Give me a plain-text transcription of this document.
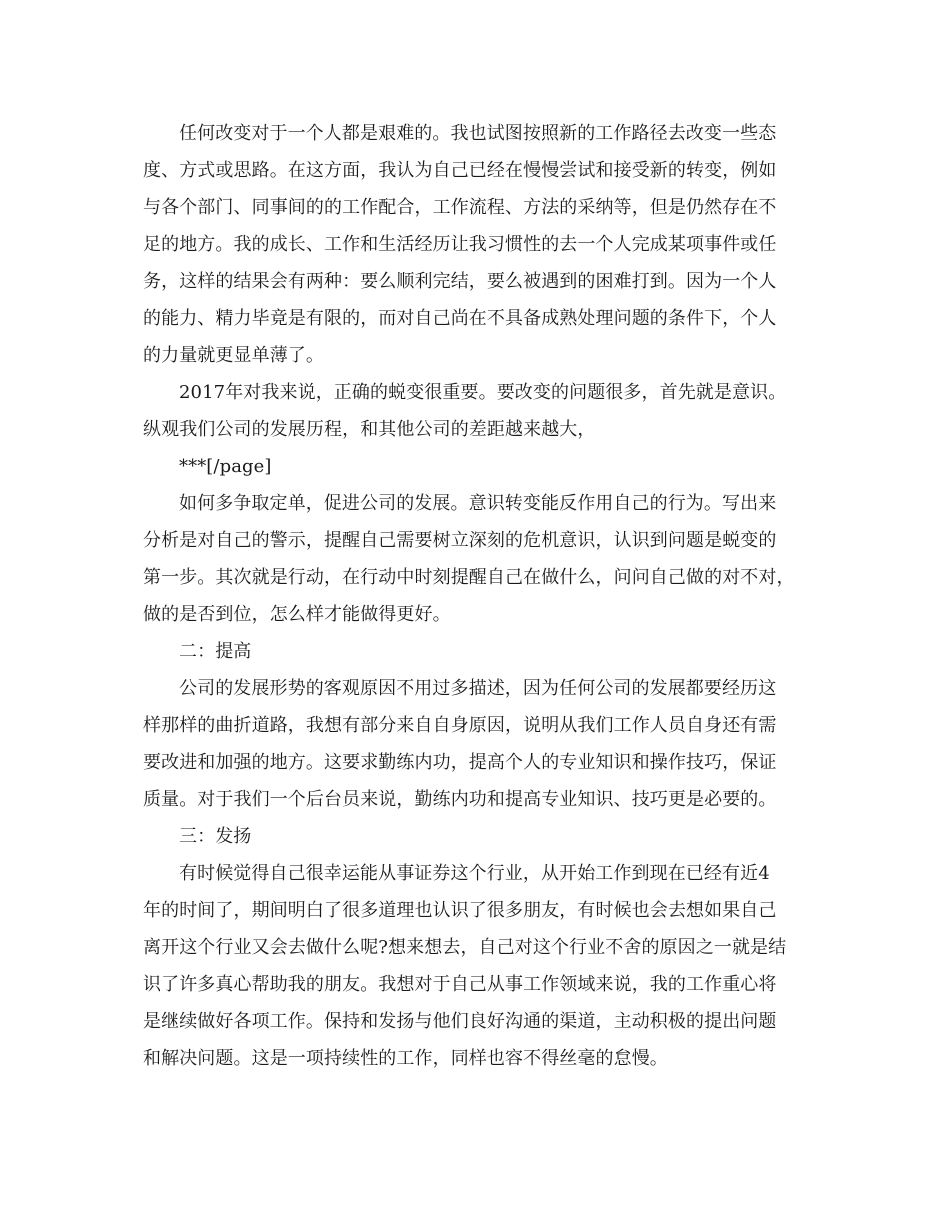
任何改变对于一个人都是艰难的。我也试图按照新的工作路径去改变一些态
度、方式或思路。在这方面，我认为自己已经在慢慢尝试和接受新的转变，例如
与各个部门、同事间的的工作配合，工作流程、方法的采纳等，但是仍然存在不
足的地方。我的成长、工作和生活经历让我习惯性的去一个人完成某项事件或任
务，这样的结果会有两种：要么顺利完结，要么被遇到的困难打到。因为一个人
的能力、精力毕竟是有限的，而对自己尚在不具备成熟处理问题的条件下，个人
的力量就更显单薄了。
2017年对我来说，正确的蜕变很重要。要改变的问题很多，首先就是意识。
纵观我们公司的发展历程，和其他公司的差距越来越大，
***[/page]
如何多争取定单，促进公司的发展。意识转变能反作用自己的行为。写出来
分析是对自己的警示，提醒自己需要树立深刻的危机意识，认识到问题是蜕变的
第一步。其次就是行动，在行动中时刻提醒自己在做什么，问问自己做的对不对，
做的是否到位，怎么样才能做得更好。
二：提高
公司的发展形势的客观原因不用过多描述，因为任何公司的发展都要经历这
样那样的曲折道路，我想有部分来自自身原因，说明从我们工作人员自身还有需
要改进和加强的地方。这要求勤练内功，提高个人的专业知识和操作技巧，保证
质量。对于我们一个后台员来说，勤练内功和提高专业知识、技巧更是必要的。
三：发扬
有时候觉得自己很幸运能从事证券这个行业，从开始工作到现在已经有近4
年的时间了，期间明白了很多道理也认识了很多朋友，有时候也会去想如果自己
离开这个行业又会去做什么呢?想来想去，自己对这个行业不舍的原因之一就是结
识了许多真心帮助我的朋友。我想对于自己从事工作领域来说，我的工作重心将
是继续做好各项工作。保持和发扬与他们良好沟通的渠道，主动积极的提出问题
和解决问题。这是一项持续性的工作，同样也容不得丝毫的怠慢。
